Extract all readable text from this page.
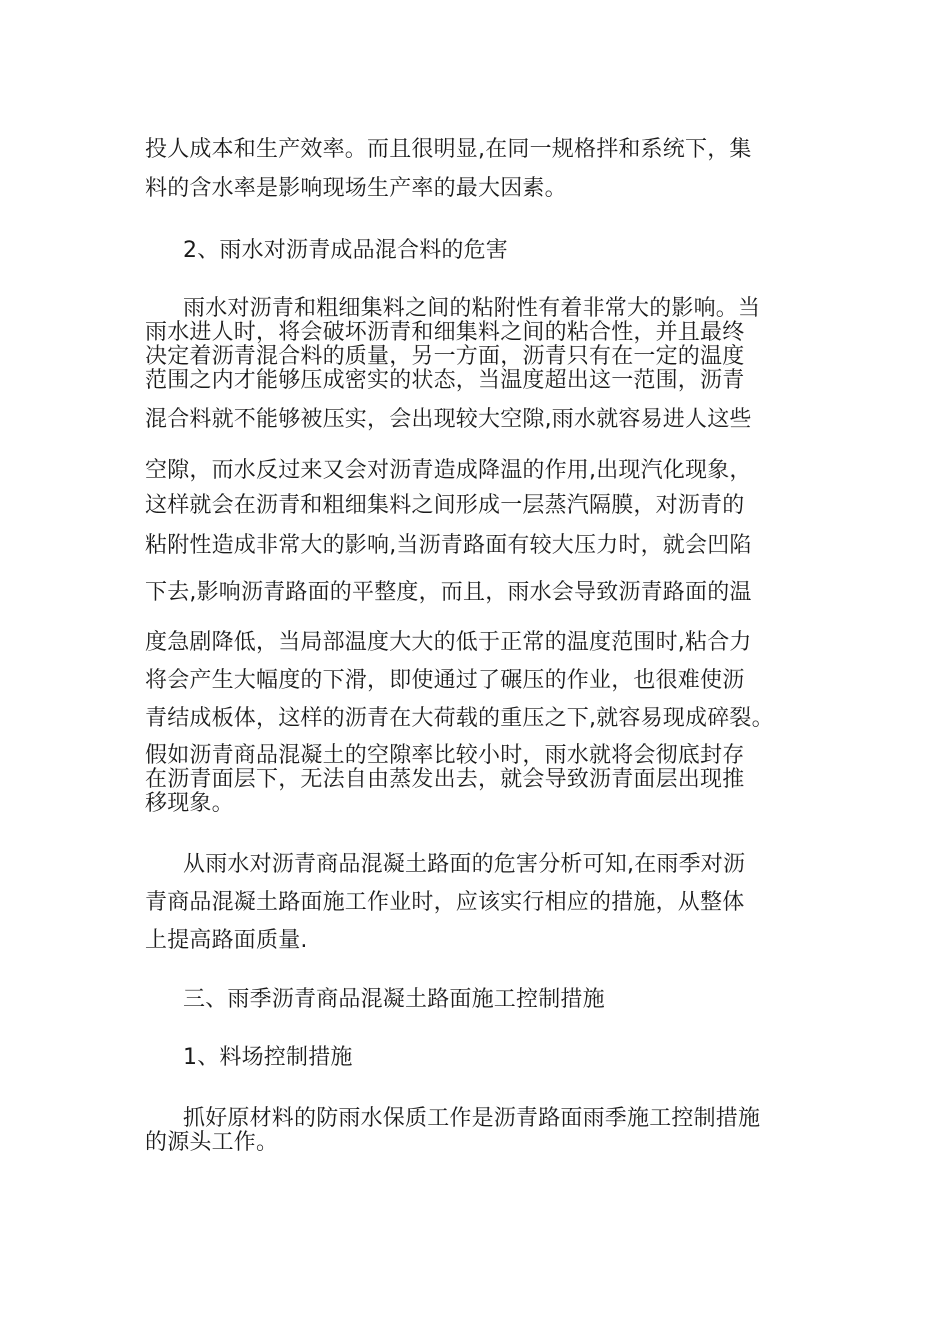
投人成本和生产效率。而且很明显,在同一规格拌和系统下，集
料的含水率是影响现场生产率的最大因素。
2、雨水对沥青成品混合料的危害
雨水对沥青和粗细集料之间的粘附性有着非常大的影响。当
雨水进人时，将会破坏沥青和细集料之间的粘合性，并且最终
决定着沥青混合料的质量，另一方面，沥青只有在一定的温度
范围之内才能够压成密实的状态，当温度超出这一范围，沥青
混合料就不能够被压实，会出现较大空隙,雨水就容易进人这些
空隙，而水反过来又会对沥青造成降温的作用,出现汽化现象，
这样就会在沥青和粗细集料之间形成一层蒸汽隔膜，对沥青的
粘附性造成非常大的影响,当沥青路面有较大压力时，就会凹陷
下去,影响沥青路面的平整度，而且，雨水会导致沥青路面的温
度急剧降低，当局部温度大大的低于正常的温度范围时,粘合力
将会产生大幅度的下滑，即使通过了碾压的作业，也很难使沥
青结成板体，这样的沥青在大荷载的重压之下,就容易现成碎裂。
假如沥青商品混凝土的空隙率比较小时，雨水就将会彻底封存
在沥青面层下，无法自由蒸发出去，就会导致沥青面层出现推
移现象。
从雨水对沥青商品混凝土路面的危害分析可知,在雨季对沥
青商品混凝土路面施工作业时，应该实行相应的措施，从整体
上提高路面质量.
三、雨季沥青商品混凝土路面施工控制措施
1、料场控制措施
抓好原材料的防雨水保质工作是沥青路面雨季施工控制措施
的源头工作。
